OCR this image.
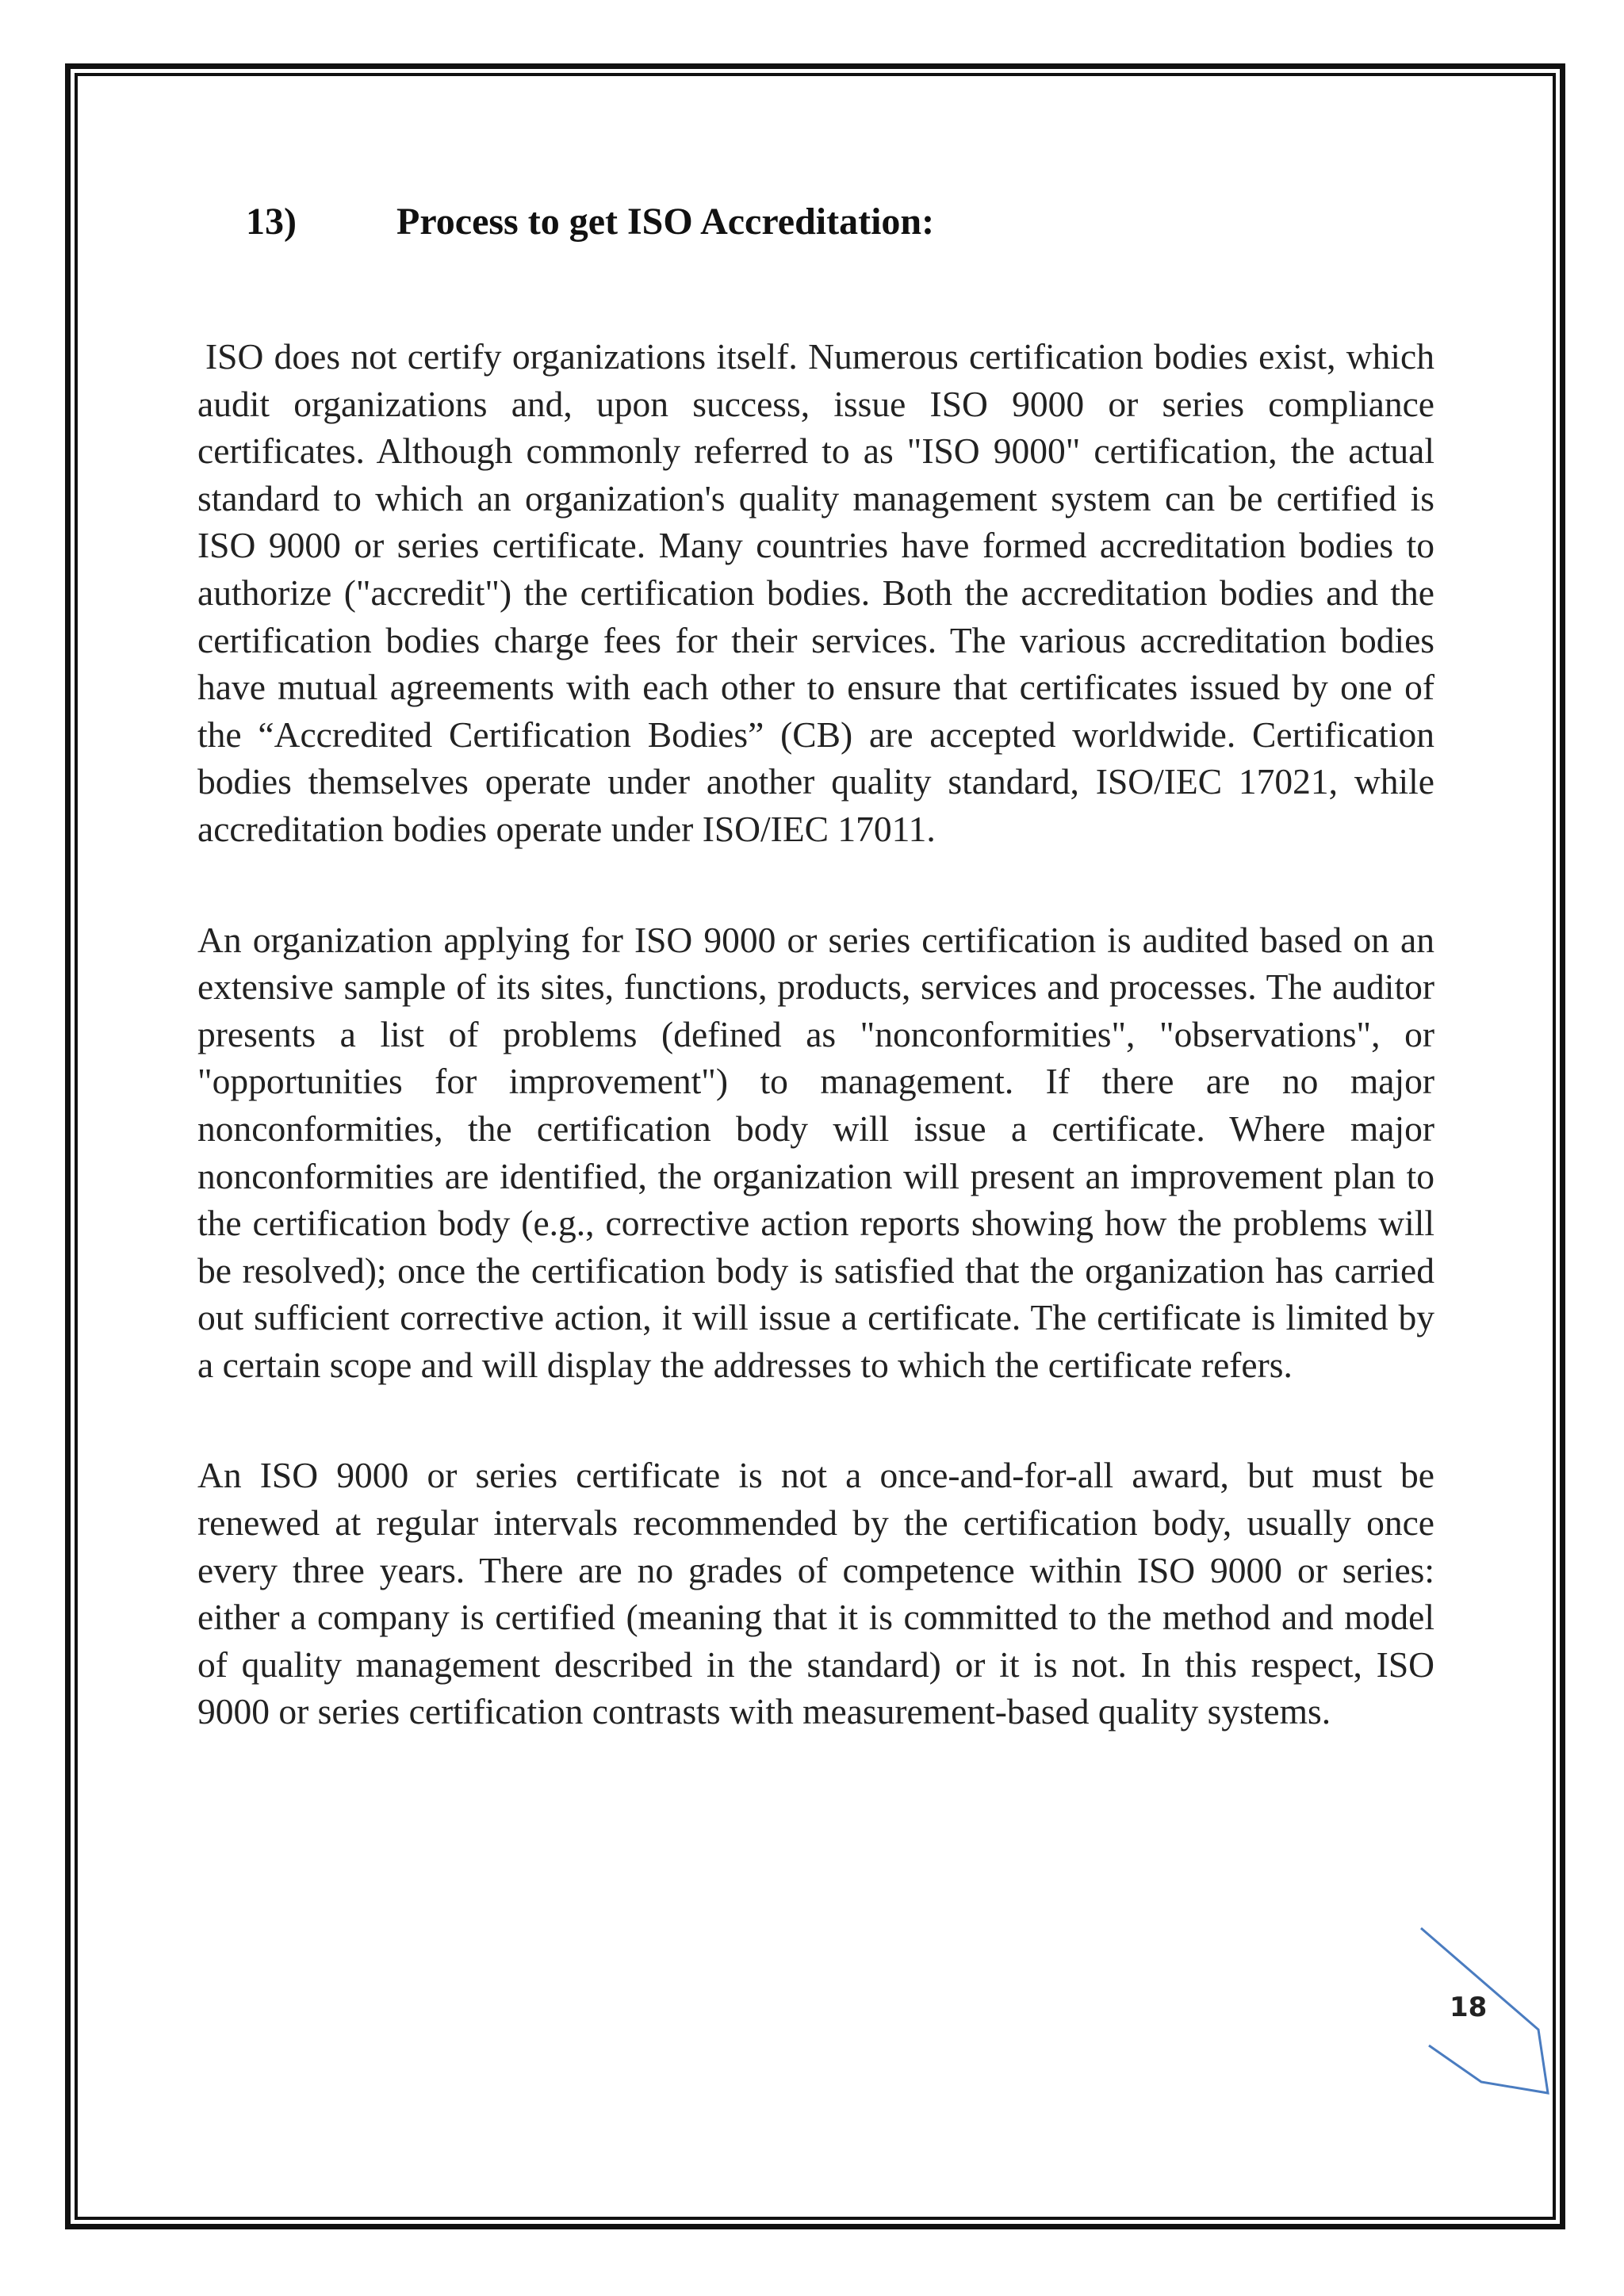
13)	Process to get ISO Accreditation:

ISO does not certify organizations itself. Numerous certification bodies exist, which audit organizations and, upon success, issue ISO 9000 or series compliance certificates. Although commonly referred to as "ISO 9000" certification, the actual standard to which an organization's quality management system can be certified is ISO 9000 or series certificate. Many countries have formed accreditation bodies to authorize ("accredit") the certification bodies. Both the accreditation bodies and the certification bodies charge fees for their services. The various accreditation bodies have mutual agreements with each other to ensure that certificates issued by one of the “Accredited Certification Bodies” (CB) are accepted worldwide. Certification bodies themselves operate under another quality standard, ISO/IEC 17021, while accreditation bodies operate under ISO/IEC 17011.

An organization applying for ISO 9000 or series certification is audited based on an extensive sample of its sites, functions, products, services and processes. The auditor presents a list of problems (defined as "nonconformities", "observations", or "opportunities for improvement") to management. If there are no major nonconformities, the certification body will issue a certificate. Where major nonconformities are identified, the organization will present an improvement plan to the certification body (e.g., corrective action reports showing how the problems will be resolved); once the certification body is satisfied that the organization has carried out sufficient corrective action, it will issue a certificate. The certificate is limited by a certain scope and will display the addresses to which the certificate refers.

An ISO 9000 or series certificate is not a once-and-for-all award, but must be renewed at regular intervals recommended by the certification body, usually once every three years. There are no grades of competence within ISO 9000 or series: either a company is certified (meaning that it is committed to the method and model of quality management described in the standard) or it is not. In this respect, ISO 9000 or series certification contrasts with measurement-based quality systems.

18
